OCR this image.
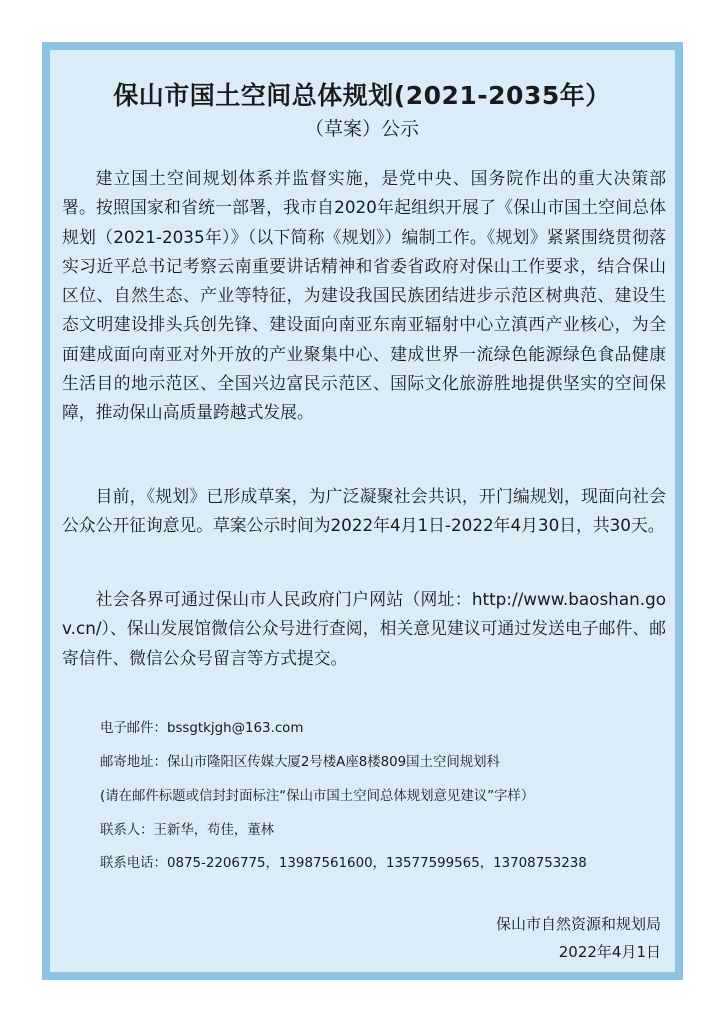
保山市国土空间总体规划(2021-2035年）
（草案）公示

建立国土空间规划体系并监督实施，是党中央、国务院作出的重大决策部署。按照国家和省统一部署，我市自2020年起组织开展了《保山市国土空间总体规划（2021-2035年）》（以下简称《规划》）编制工作。《规划》紧紧围绕贯彻落实习近平总书记考察云南重要讲话精神和省委省政府对保山工作要求，结合保山区位、自然生态、产业等特征，为建设我国民族团结进步示范区树典范、建设生态文明建设排头兵创先锋、建设面向南亚东南亚辐射中心立滇西产业核心，为全面建成面向南亚对外开放的产业聚集中心、建成世界一流绿色能源绿色食品健康生活目的地示范区、全国兴边富民示范区、国际文化旅游胜地提供坚实的空间保障，推动保山高质量跨越式发展。

目前，《规划》已形成草案，为广泛凝聚社会共识，开门编规划，现面向社会公众公开征询意见。草案公示时间为2022年4月1日-2022年4月30日，共30天。

社会各界可通过保山市人民政府门户网站（网址：http://www.baoshan.gov.cn/）、保山发展馆微信公众号进行查阅，相关意见建议可通过发送电子邮件、邮寄信件、微信公众号留言等方式提交。

电子邮件：bssgtkjgh@163.com
邮寄地址：保山市隆阳区传媒大厦2号楼A座8楼809国土空间规划科
(请在邮件标题或信封封面标注“保山市国土空间总体规划意见建议”字样）
联系人：王新华，苟佳，董林
联系电话：0875-2206775，13987561600，13577599565，13708753238
保山市自然资源和规划局
2022年4月1日
